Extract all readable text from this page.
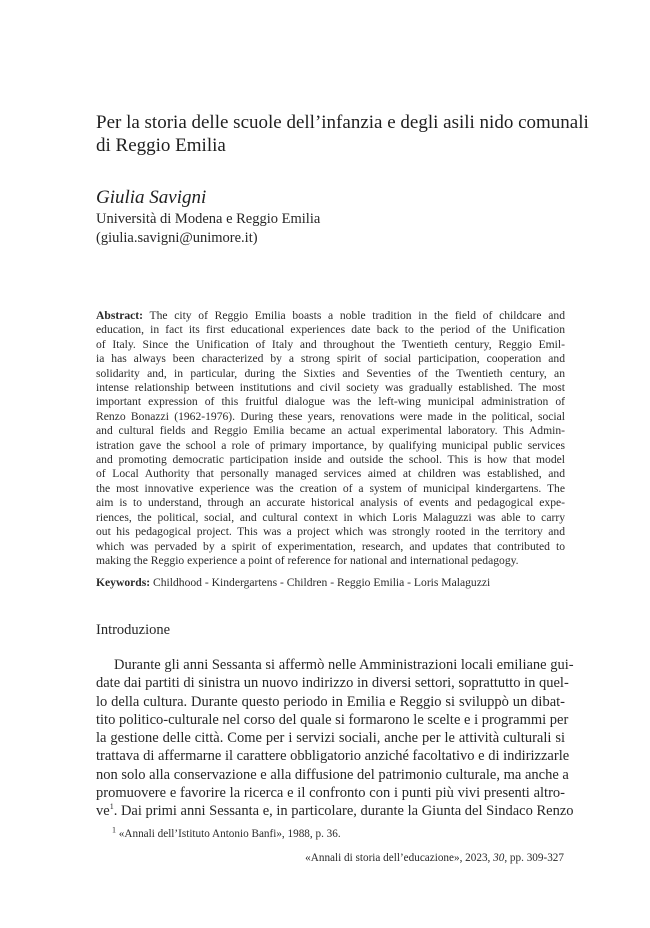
Per la storia delle scuole dell’infanzia e degli asili nido comunali
di Reggio Emilia
Giulia Savigni
Università di Modena e Reggio Emilia
(giulia.savigni@unimore.it)
Abstract: The city of Reggio Emilia boasts a noble tradition in the field of childcare and
education, in fact its first educational experiences date back to the period of the Unification
of Italy. Since the Unification of Italy and throughout the Twentieth century, Reggio Emil-
ia has always been characterized by a strong spirit of social participation, cooperation and
solidarity and, in particular, during the Sixties and Seventies of the Twentieth century, an
intense relationship between institutions and civil society was gradually established. The most
important expression of this fruitful dialogue was the left-wing municipal administration of
Renzo Bonazzi (1962-1976). During these years, renovations were made in the political, social
and cultural fields and Reggio Emilia became an actual experimental laboratory. This Admin-
istration gave the school a role of primary importance, by qualifying municipal public services
and promoting democratic participation inside and outside the school. This is how that model
of Local Authority that personally managed services aimed at children was established, and
the most innovative experience was the creation of a system of municipal kindergartens. The
aim is to understand, through an accurate historical analysis of events and pedagogical expe-
riences, the political, social, and cultural context in which Loris Malaguzzi was able to carry
out his pedagogical project. This was a project which was strongly rooted in the territory and
which was pervaded by a spirit of experimentation, research, and updates that contributed to
making the Reggio experience a point of reference for national and international pedagogy.
Keywords: Childhood - Kindergartens - Children - Reggio Emilia - Loris Malaguzzi
Introduzione
Durante gli anni Sessanta si affermò nelle Amministrazioni locali emiliane gui-
date dai partiti di sinistra un nuovo indirizzo in diversi settori, soprattutto in quel-
lo della cultura. Durante questo periodo in Emilia e Reggio si sviluppò un dibat-
tito politico-culturale nel corso del quale si formarono le scelte e i programmi per
la gestione delle città. Come per i servizi sociali, anche per le attività culturali si
trattava di affermarne il carattere obbligatorio anziché facoltativo e di indirizzarle
non solo alla conservazione e alla diffusione del patrimonio culturale, ma anche a
promuovere e favorire la ricerca e il confronto con i punti più vivi presenti altro-
$ve^1$. Dai primi anni Sessanta e, in particolare, durante la Giunta del Sindaco Renzo
$^1$ «Annali dell’Istituto Antonio Banfi», 1988, p. 36.
«Annali di storia dell’educazione», 2023, 30, pp. 309-327
